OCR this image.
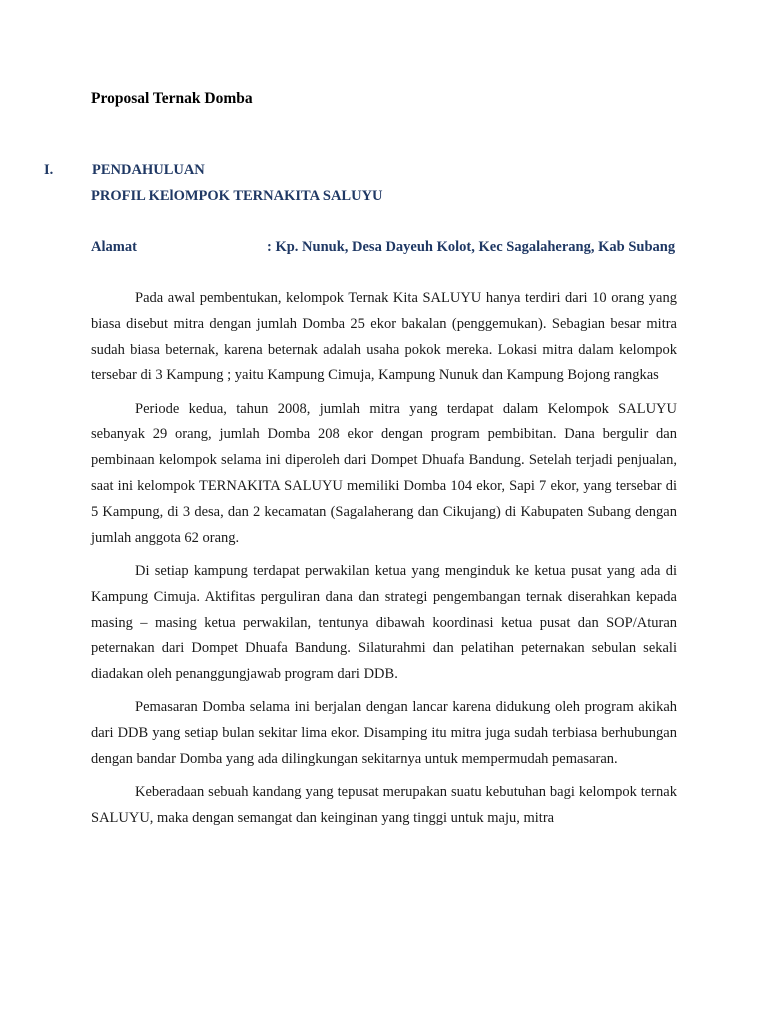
Proposal Ternak Domba
I.	PENDAHULUAN
PROFIL KElOMPOK TERNAKITA SALUYU
Alamat	: Kp. Nunuk, Desa Dayeuh Kolot, Kec Sagalaherang, Kab Subang

Pada awal pembentukan, kelompok Ternak Kita SALUYU hanya terdiri dari 10 orang yang biasa disebut mitra dengan jumlah Domba 25 ekor bakalan (penggemukan). Sebagian besar mitra sudah biasa beternak, karena beternak adalah usaha pokok mereka. Lokasi mitra dalam kelompok tersebar di 3 Kampung ; yaitu Kampung Cimuja, Kampung Nunuk dan Kampung Bojong rangkas

Periode kedua, tahun 2008, jumlah mitra yang terdapat dalam Kelompok SALUYU sebanyak 29 orang, jumlah Domba 208 ekor dengan program pembibitan. Dana bergulir dan pembinaan kelompok selama ini diperoleh dari Dompet Dhuafa Bandung. Setelah terjadi penjualan, saat ini kelompok TERNAKITA SALUYU memiliki Domba 104 ekor, Sapi 7 ekor, yang tersebar di 5 Kampung, di 3 desa, dan 2 kecamatan (Sagalaherang dan Cikujang) di Kabupaten Subang dengan jumlah anggota 62 orang.

Di setiap kampung terdapat perwakilan ketua yang menginduk ke ketua pusat yang ada di Kampung Cimuja. Aktifitas perguliran dana dan strategi pengembangan ternak diserahkan kepada masing – masing ketua perwakilan, tentunya dibawah koordinasi ketua pusat dan SOP/Aturan peternakan dari Dompet Dhuafa Bandung. Silaturahmi dan pelatihan peternakan sebulan sekali diadakan oleh penanggungjawab program dari DDB.

Pemasaran Domba selama ini berjalan dengan lancar karena didukung oleh program akikah dari DDB yang setiap bulan sekitar lima ekor. Disamping itu mitra juga sudah terbiasa berhubungan dengan bandar Domba yang ada dilingkungan sekitarnya untuk mempermudah pemasaran.

Keberadaan sebuah kandang yang tepusat merupakan suatu kebutuhan bagi kelompok ternak SALUYU, maka dengan semangat dan keinginan yang tinggi untuk maju, mitra
